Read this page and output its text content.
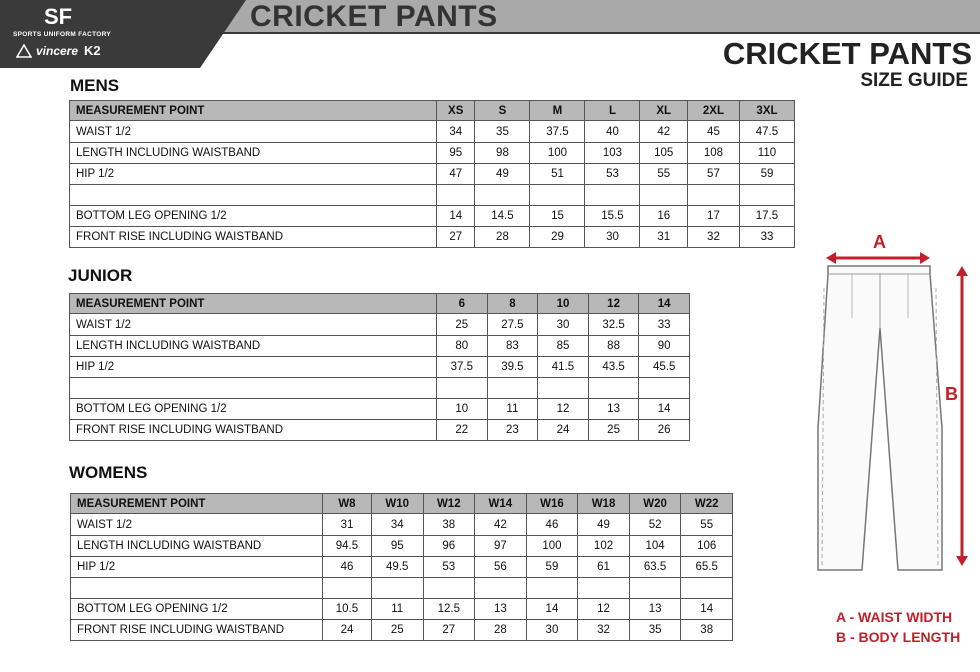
CRICKET PANTS
SF
SPORTS UNIFORM FACTORY
vincere K2	CRICKET PANTS
SIZE GUIDE
MENS
JUNIOR
WOMENS
MEASUREMENT POINT	XS	S	M	L	XL	2XL	3XL
WAIST 1/2	34	35	37.5	40	42	45	47.5
LENGTH INCLUDING WAISTBAND	95	98	100	103	105	108	110
HIP 1/2	47	49	51	53	55	57	59

BOTTOM LEG OPENING 1/2	14	14.5	15	15.5	16	17	17.5
FRONT RISE INCLUDING WAISTBAND	27	28	29	30	31	32	33
MEASUREMENT POINT	6	8	10	12	14
WAIST 1/2	25	27.5	30	32.5	33
LENGTH INCLUDING WAISTBAND	80	83	85	88	90
HIP 1/2	37.5	39.5	41.5	43.5	45.5

BOTTOM LEG OPENING 1/2	10	11	12	13	14
FRONT RISE INCLUDING WAISTBAND	22	23	24	25	26
MEASUREMENT POINT	W8	W10	W12	W14	W16	W18	W20	W22
WAIST 1/2	31	34	38	42	46	49	52	55
LENGTH INCLUDING WAISTBAND	94.5	95	96	97	100	102	104	106
HIP 1/2	46	49.5	53	56	59	61	63.5	65.5

BOTTOM LEG OPENING 1/2	10.5	11	12.5	13	14	12	13	14
FRONT RISE INCLUDING WAISTBAND	24	25	27	28	30	32	35	38
A
B
A - WAIST WIDTH
B - BODY LENGTH
